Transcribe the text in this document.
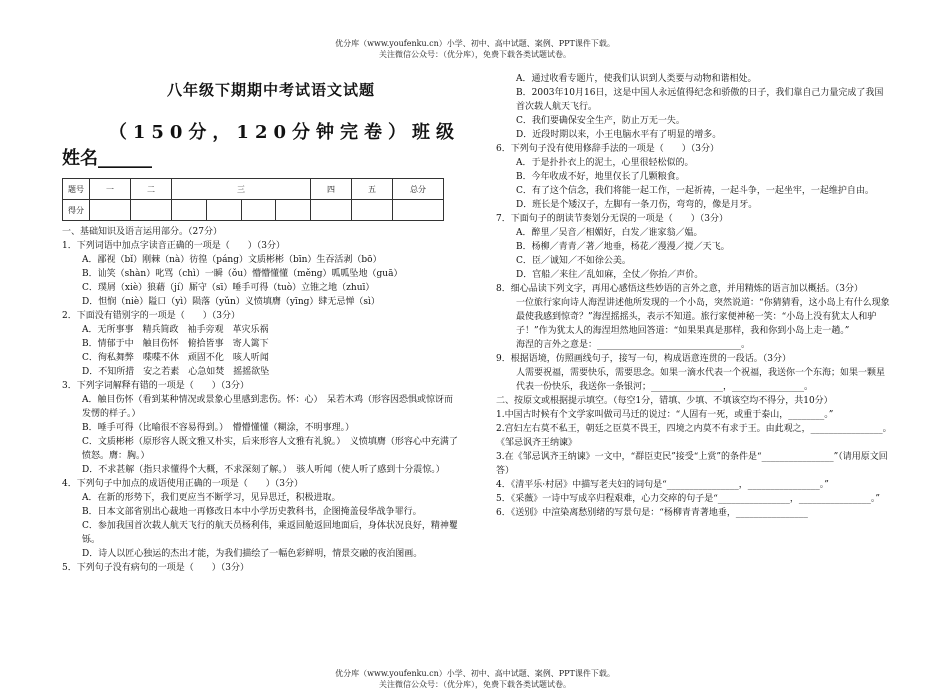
优分库（www.youfenku.cn）小学、初中、高中试题、案例、PPT课件下载。
关注微信公众号：（优分库），免费下载各类试题试卷。
八年级下期期中考试语文试题
（150分，120分钟完卷）班级
姓名______
题号	一	二	三				四	五	总分
得分									

一、基础知识及语言运用部分。（27分）

1．下列词语中加点字读音正确的一项是（　　）（3分）

A．鄙视（bǐ）刚棘（nà）彷徨（páng）文质彬彬（bīn）生吞活剥（bō）

B．讪笑（shàn）叱骂（chì）一瞬（ǒu）懵懵懂懂（měng）呱呱坠地（guā）

C．璞屑（xiè）狼藉（jí）厮守（sī）唾手可得（tuò）立锥之地（zhuī）

D．怛悯（niè）隘口（yì）陨落（yǔn）义愤填膺（yīng）肆无忌惮（sì）

2．下面没有错别字的一项是（　　）（3分）

A．无所事事　精兵简政　袖手旁观　革灾乐祸

B．情郁于中　触目伤怀　俯拾皆事　寄人篱下

C．徇私舞弊　喋喋不休　顽固不化　咳人听闻

D．不知所措　安之若素　心急如焚　摇摇欲坠

3．下列字词解释有错的一项是（　　）（3分）

A．触目伤怀（看到某种情况或景象心里感到悲伤。怀：心）　呆若木鸡（形容因恐惧或惊讶而发愣的样子。）

B．唾手可得（比喻很不容易得到。）　懵懵懂懂（糊涂，不明事理。）

C．文质彬彬（原形容人既文雅又朴实，后来形容人文雅有礼貌。）　义愤填膺（形容心中充满了愤怒。膺：胸。）

D．不求甚解（指只求懂得个大概，不求深刻了解。）　骇人听闻（使人听了感到十分震惊。）

4．下列句子中加点的成语使用正确的一项是（　　）（3分）

A．在新的形势下，我们更应当不断学习，见异思迁，积极进取。

B．日本文部省别出心裁地一再修改日本中小学历史教科书，企图掩盖侵华战争罪行。

C．参加我国首次载人航天飞行的航天员杨利伟，乘返回舱返回地面后，身体状况良好，精神矍铄。

D．诗人以匠心独运的杰出才能，为我们描绘了一幅色彩鲜明，情景交融的夜泊图画。

5．下列句子没有病句的一项是（　　）（3分）

A．通过收看专题片，使我们认识到人类要与动物和谐相处。

B．2003年10月16日，这是中国人永远值得纪念和骄傲的日子，我们靠自己力量完成了我国首次载人航天飞行。

C．我们要确保安全生产，防止万无一失。

D．近段时期以来，小王电脑水平有了明显的增多。

6．下列句子没有使用修辞手法的一项是（　　）（3分）

A．于是扑扑衣上的泥土，心里很轻松似的。

B．今年收成不好，地里仅长了几颗粮食。

C．有了这个信念，我们将能一起工作，一起祈祷，一起斗争，一起坐牢，一起维护自由。

D．班长是个矮汉子，左脚有一条刀伤，弯弯的，像是月牙。

7．下面句子的朗读节奏划分无误的一项是（　　）（3分）

A．醉里／吴音／相媚好，白发／谁家翁／媪。

B．杨柳／青青／著／地垂，杨花／漫漫／搅／天飞。

C．臣／诚知／不如徐公美。

D．官船／来往／乱如麻，全仗／你抬／声价。

8．细心品读下列文字，再用心感悟这些妙语的言外之意，并用精炼的语言加以概括。（3分）

一位旅行家向诗人海涅讲述他所发现的一个小岛，突然说道：“你猜猜看，这小岛上有什么现象最使我感到惊奇？”海涅摇摇头，表示不知道。旅行家便神秘一笑：“小岛上没有犹太人和驴子！”作为犹太人的海涅坦然地回答道：“如果果真是那样，我和你到小岛上走一趟。”

海涅的言外之意是：________________________________。

9．根据语境，仿照画线句子，接写一句，构成语意连贯的一段话。（3分）

人需要祝福，需要快乐，需要思念。如果一滴水代表一个祝福，我送你一个东海；如果一颗星代表一份快乐，我送你一条银河；________________，________________。

二、按原文或根据提示填空。（每空1分，错填、少填、不填该空均不得分，共10分）

1.中国古时候有个文学家叫做司马迁的说过：“人固有一死，或重于泰山，________。”

2.宫妇左右莫不私王，朝廷之臣莫不畏王，四境之内莫不有求于王。由此观之，________________。《邹忌讽齐王纳谏》

3.在《邹忌讽齐王纳谏》一文中，“群臣吏民”接受“上赏”的条件是“________________”（请用原文回答）

4．《清平乐·村居》中描写老夫妇的词句是“________________，________________。”

5．《采薇》一诗中写成卒归程艰难，心力交瘁的句子是“________________，________________。”

6．《送别》中渲染离愁别绪的写景句是：“杨柳青青著地垂，________________

优分库（www.youfenku.cn）小学、初中、高中试题、案例、PPT课件下载。
关注微信公众号：（优分库），免费下载各类试题试卷。
